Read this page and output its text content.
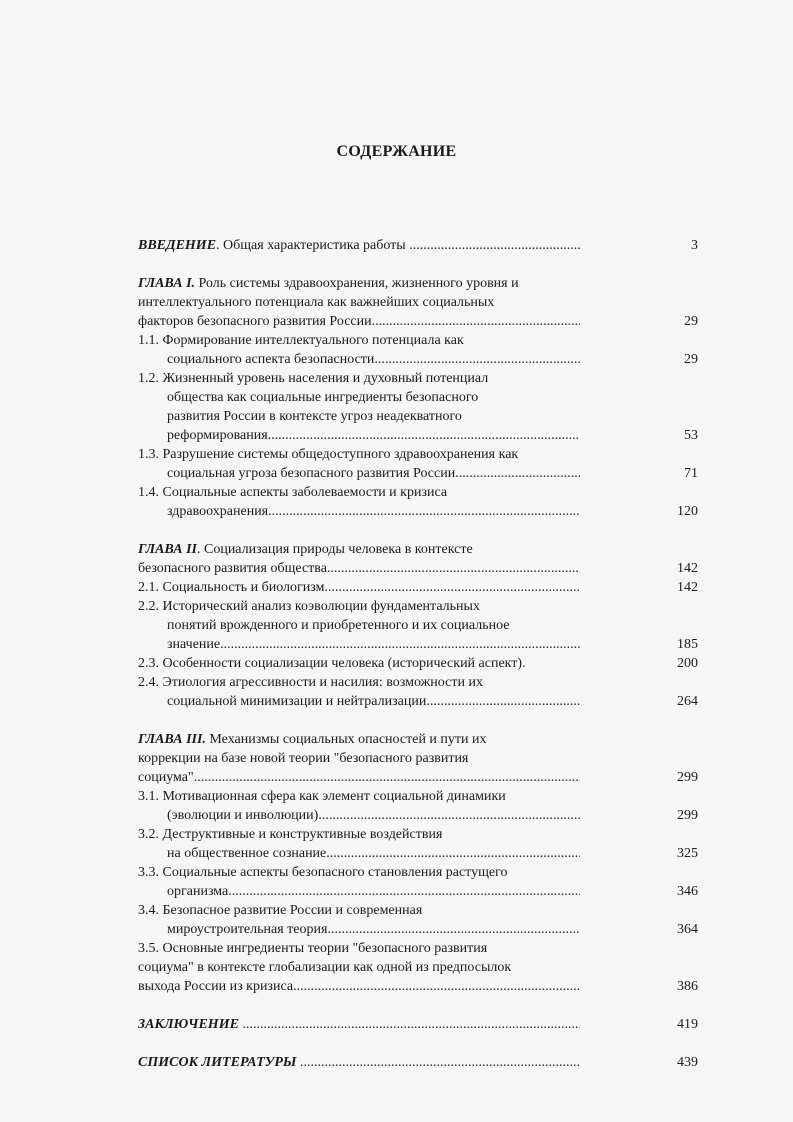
СОДЕРЖАНИЕ
ВВЕДЕНИЕ. Общая характеристика работы .....	3
ГЛАВА I. Роль системы здравоохранения, жизненного уровня и
интеллектуального потенциала как важнейших социальных
факторов безопасного развития России .....	29
1.1. Формирование интеллектуального потенциала как
социального аспекта безопасности .....	29
1.2. Жизненный уровень населения и духовный потенциал
общества как социальные ингредиенты безопасного
развития России в контексте угроз неадекватного
реформирования .....	53
1.3. Разрушение системы общедоступного здравоохранения как
социальная угроза безопасного развития России .....	71
1.4. Социальные аспекты заболеваемости и кризиса
здравоохранения .....	120
ГЛАВА II. Социализация природы человека в контексте
безопасного развития общества .....	142
2.1. Социальность и биологизм .....	142
2.2. Исторический анализ коэволюции фундаментальных
понятий врожденного и приобретенного и их социальное
значение .....	185
2.3. Особенности социализации человека (исторический аспект).	200
2.4. Этиология агрессивности и насилия: возможности их
социальной минимизации и нейтрализации .....	264
ГЛАВА III. Механизмы социальных опасностей и пути их
коррекции на базе новой теории "безопасного развития
социума" .....	299
3.1. Мотивационная сфера как элемент социальной динамики
(эволюции и инволюции) .....	299
3.2. Деструктивные и конструктивные воздействия
на общественное сознание .....	325
3.3. Социальные аспекты безопасного становления растущего
организма .....	346
3.4. Безопасное развитие России и современная
мироустроительная теория .....	364
3.5. Основные ингредиенты теории "безопасного развития
социума" в контексте глобализации как одной из предпосылок
выхода России из кризиса .....	386
ЗАКЛЮЧЕНИЕ .....	419
СПИСОК ЛИТЕРАТУРЫ .....	439
